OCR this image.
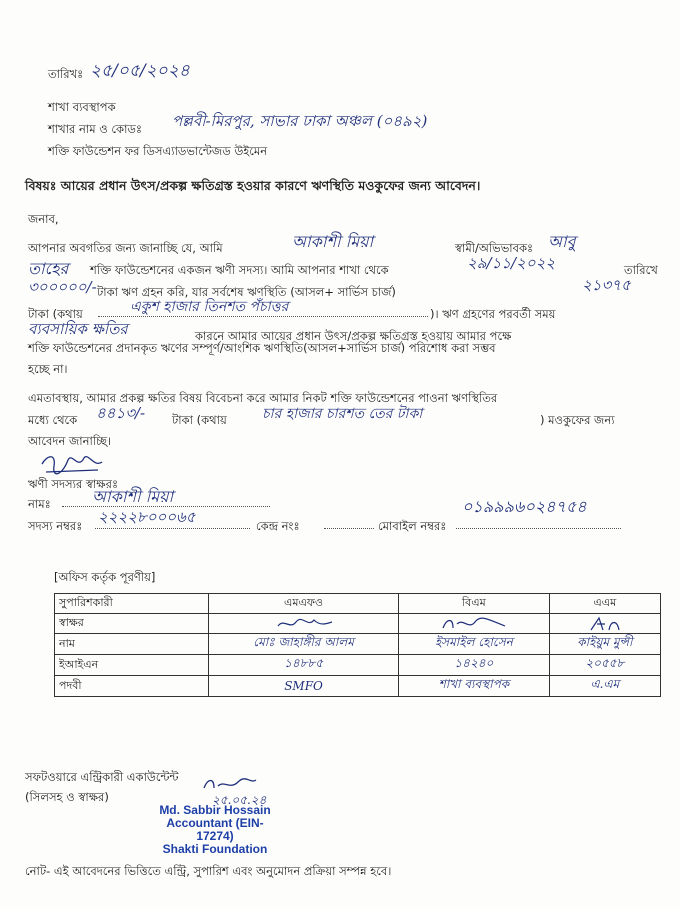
তারিখঃ ২৫/০৫/২০২৪
শাখা ব্যবস্থাপক
শাখার নাম ও কোডঃ পল্লবী-মিরপুর, সাভার ঢাকা অঞ্চল (০৪৯২)
শক্তি ফাউন্ডেশন ফর ডিসএ্যাডভান্টেজড উইমেন
বিষয়ঃ আয়ের প্রধান উৎস/প্রকল্প ক্ষতিগ্রস্ত হওয়ার কারণে ঋণস্থিতি মওকুফের জন্য আবেদন।
জনাব,
আপনার অবগতির জন্য জানাচ্ছি যে, আমি	আকাশী মিয়া	স্বামী/অভিভাবকঃ আবু
তাহের শক্তি ফাউন্ডেশনের একজন ঋণী সদস্য। আমি আপনার শাখা থেকে	২৯/১১/২০২২	তারিখে
৩০০০০০/- টাকা ঋণ গ্রহন করি, যার সর্বশেষ ঋণস্থিতি (আসল+ সার্ভিস চার্জ)	২১৩৭৫
টাকা (কথায়	একুশ হাজার তিনশত পঁচাত্তর	)। ঋণ গ্রহণের পরবর্তী সময়
ব্যবসায়িক ক্ষতির	কারনে আমার আয়ের প্রধান উৎস/প্রকল্প ক্ষতিগ্রস্ত হওয়ায় আমার পক্ষে
শক্তি ফাউন্ডেশনের প্রদানকৃত ঋণের সম্পূর্ণ/আংশিক ঋণস্থিতি(আসল+সার্ভিস চার্জ) পরিশোধ করা সম্ভব
হচ্ছে না।
এমতাবস্থায়, আমার প্রকল্প ক্ষতির বিষয় বিবেচনা করে আমার নিকট শক্তি ফাউন্ডেশনের পাওনা ঋণস্থিতির
মধ্যে থেকে ৪৪১৩/- টাকা (কথায়	চার হাজার চারশত তের টাকা	) মওকুফের জন্য
আবেদন জানাচ্ছি।
ঋণী সদস্যর স্বাক্ষরঃ
নামঃ	আকাশী মিয়া
সদস্য নম্বরঃ ২২২২৮০০০৬৫	কেন্দ্র নংঃ	মোবাইল নম্বরঃ
০১৯৯৯৬০২৪৭৫৪
[অফিস কর্তৃক পূরণীয়]
সুপারিশকারী	এমএফও	বিএম	এএম
স্বাক্ষর			
নাম	মোঃ জাহাঙ্গীর আলম	ইসমাইল হোসেন	কাইয়ুম মুন্সী
ইআইএন	১৪৮৮৫	১৪২৪০	২০৫৫৮
পদবী	SMFO	শাখা ব্যবস্থাপক	এ.এম
সফটওয়ারে এন্ট্রিকারী একাউন্টেন্ট
(সিলসহ ও স্বাক্ষর)	২৫.০৫.২৪
Md. Sabbir Hossain
Accountant (EIN-17274)
Shakti Foundation
নোট- এই আবেদনের ভিত্তিতে এন্ট্রি, সুপারিশ এবং অনুমোদন প্রক্রিয়া সম্পন্ন হবে।
